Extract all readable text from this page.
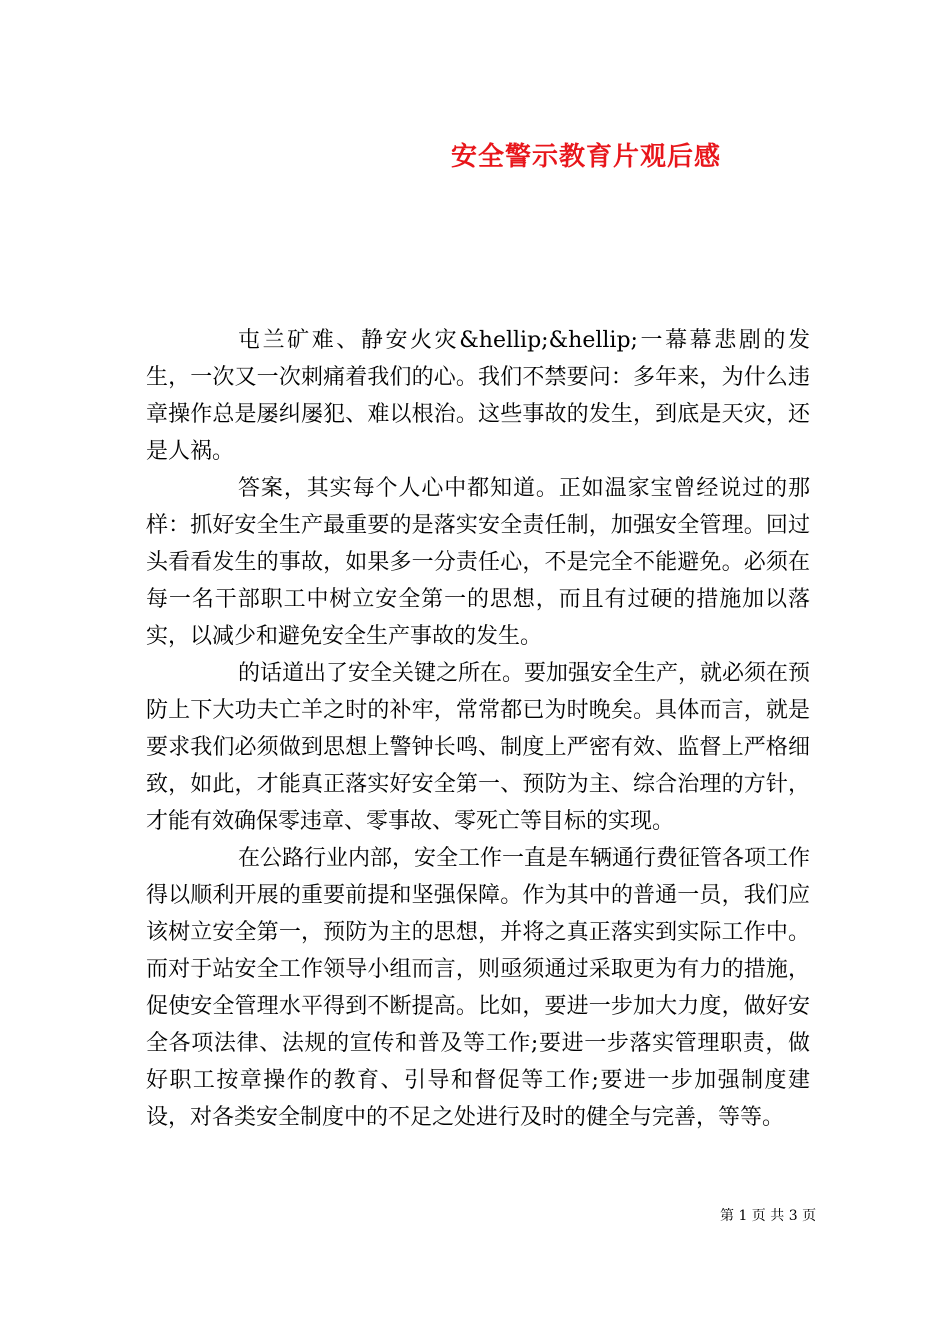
安全警示教育片观后感

屯兰矿难、静安火灾&hellip;&hellip;一幕幕悲剧的发生，一次又一次刺痛着我们的心。我们不禁要问：多年来，为什么违章操作总是屡纠屡犯、难以根治。这些事故的发生，到底是天灾，还是人祸。

答案，其实每个人心中都知道。正如温家宝曾经说过的那样：抓好安全生产最重要的是落实安全责任制，加强安全管理。回过头看看发生的事故，如果多一分责任心，不是完全不能避免。必须在每一名干部职工中树立安全第一的思想，而且有过硬的措施加以落实，以减少和避免安全生产事故的发生。

的话道出了安全关键之所在。要加强安全生产，就必须在预防上下大功夫亡羊之时的补牢，常常都已为时晚矣。具体而言，就是要求我们必须做到思想上警钟长鸣、制度上严密有效、监督上严格细致，如此，才能真正落实好安全第一、预防为主、综合治理的方针，才能有效确保零违章、零事故、零死亡等目标的实现。

在公路行业内部，安全工作一直是车辆通行费征管各项工作得以顺利开展的重要前提和坚强保障。作为其中的普通一员，我们应该树立安全第一，预防为主的思想，并将之真正落实到实际工作中。而对于站安全工作领导小组而言，则亟须通过采取更为有力的措施，促使安全管理水平得到不断提高。比如，要进一步加大力度，做好安全各项法律、法规的宣传和普及等工作;要进一步落实管理职责，做好职工按章操作的教育、引导和督促等工作;要进一步加强制度建设，对各类安全制度中的不足之处进行及时的健全与完善，等等。

第 1 页 共 3 页
